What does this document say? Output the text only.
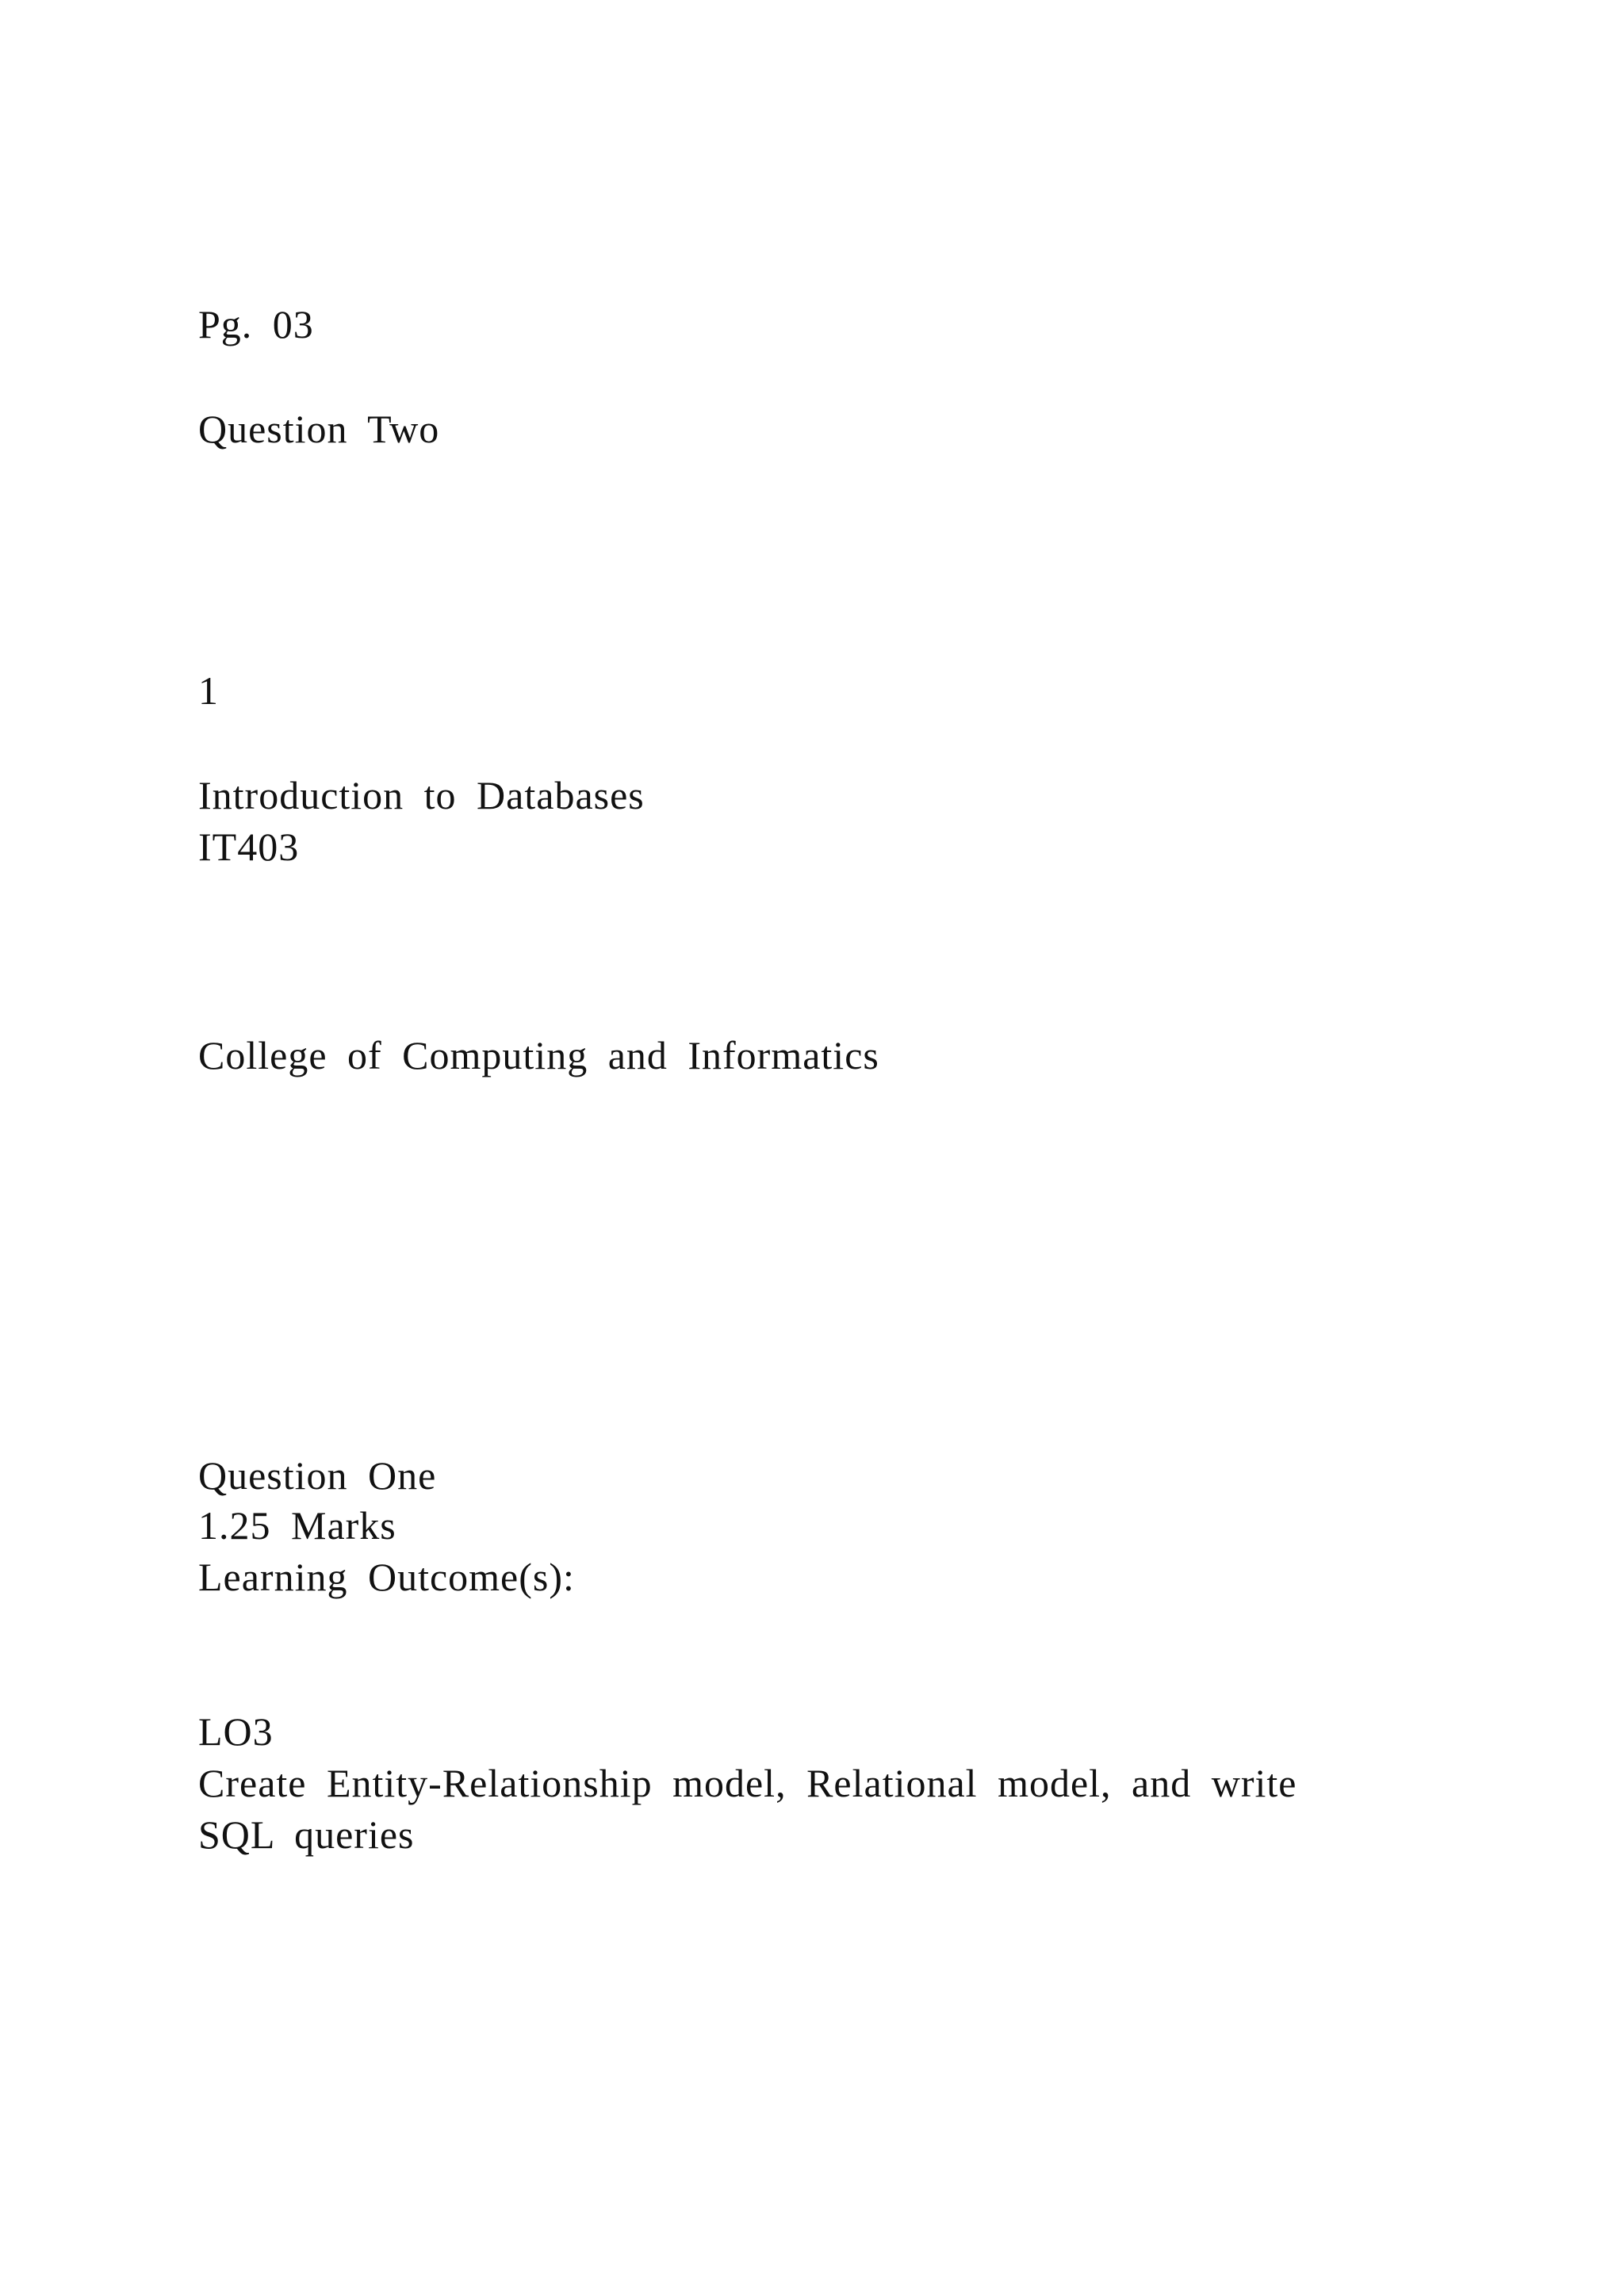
Pg. 03
Question Two
1
Introduction to Databases
IT403
College of Computing and Informatics
Question One
1.25 Marks
Learning Outcome(s):
LO3
Create Entity-Relationship model, Relational model, and write
SQL queries
